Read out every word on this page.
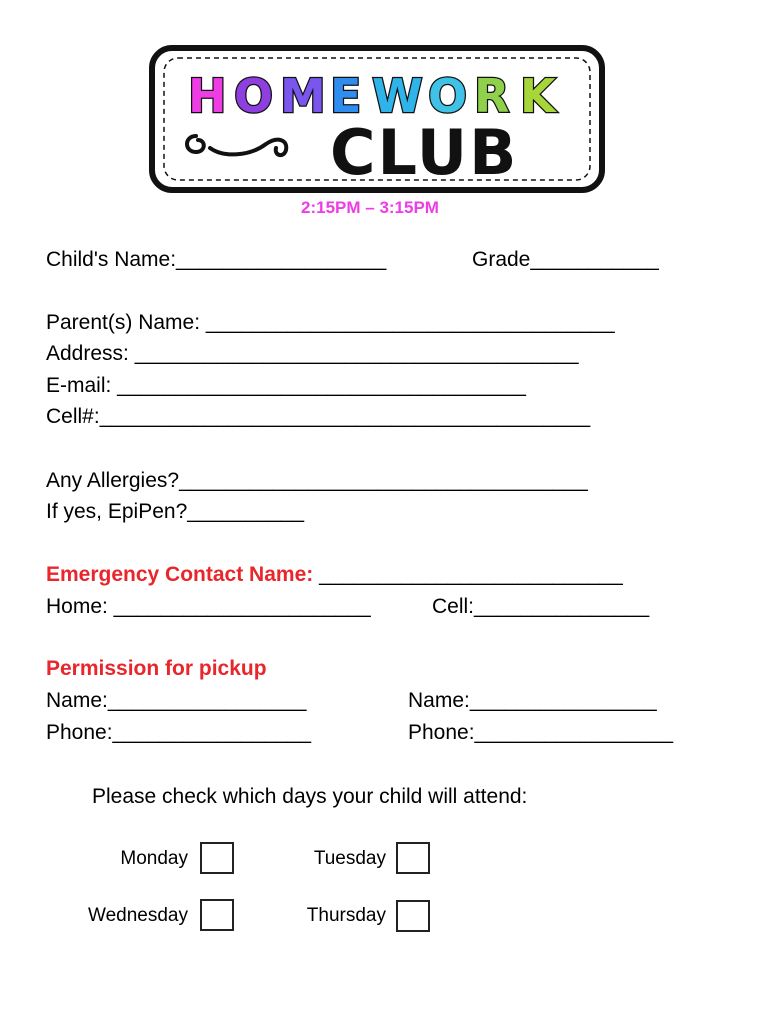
H O M E W O R K
CLUB
2:15PM – 3:15PM
Child's Name:__________________	Grade___________
Parent(s) Name: ___________________________________
Address: ______________________________________
E-mail: ___________________________________
Cell#:__________________________________________
Any Allergies?___________________________________
If yes, EpiPen?__________
Emergency Contact Name: __________________________
Home: ______________________	Cell:_______________
Permission for pickup
Name:_________________	Name:________________
Phone:_________________	Phone:_________________
Please check which days your child will attend:
Monday	Tuesday
Wednesday	Thursday
